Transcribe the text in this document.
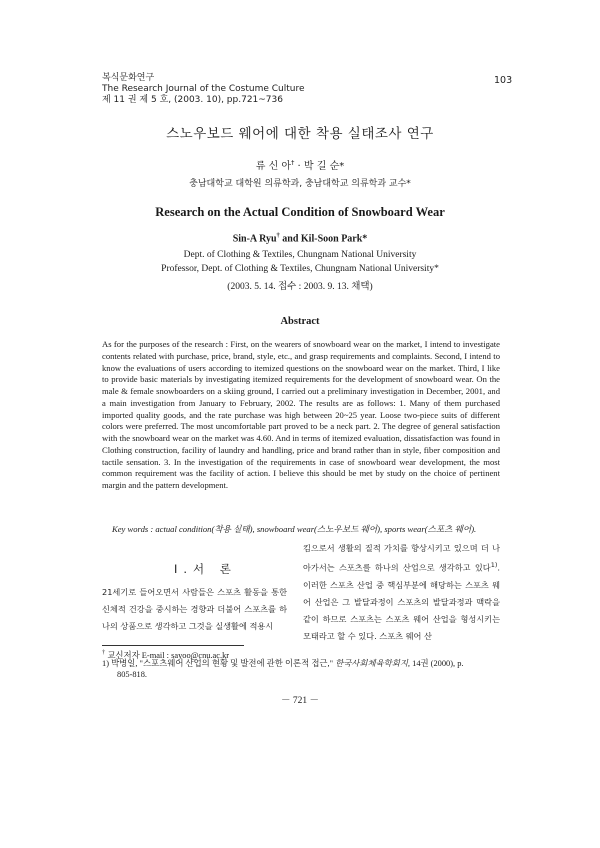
복식문화연구
The Research Journal of the Costume Culture
제 11 권 제 5 호, (2003. 10), pp.721~736
103
스노우보드 웨어에 대한 착용 실태조사 연구
류 신 아† · 박 길 순*
충남대학교 대학원 의류학과, 충남대학교 의류학과 교수*
Research on the Actual Condition of Snowboard Wear
Sin-A Ryu† and Kil-Soon Park*
Dept. of Clothing & Textiles, Chungnam National University
Professor, Dept. of Clothing & Textiles, Chungnam National University*
(2003. 5. 14. 접수 : 2003. 9. 13. 채택)
Abstract
As for the purposes of the research : First, on the wearers of snowboard wear on the market, I intend to investigate contents related with purchase, price, brand, style, etc., and grasp requirements and complaints. Second, I intend to know the evaluations of users according to itemized questions on the snowboard wear on the market. Third, I like to provide basic materials by investigating itemized requirements for the development of snowboard wear. On the male & female snowboarders on a skiing ground, I carried out a preliminary investigation in December, 2001, and a main investigation from January to February, 2002. The results are as follows: 1. Many of them purchased imported quality goods, and the rate purchase was high between 20~25 year. Loose two-piece suits of different colors were preferred. The most uncomfortable part proved to be a neck part. 2. The degree of general satisfaction with the snowboard wear on the market was 4.60. And in terms of itemized evaluation, dissatisfaction was found in Clothing construction, facility of laundry and handling, price and brand rather than in style, fiber composition and tactile sensation. 3. In the investigation of the requirements in case of snowboard wear development, the most common requirement was the facility of action. I believe this should be met by study on the choice of pertinent margin and the pattern development.
Key words : actual condition(착용 실태), snowboard wear(스노우보드 웨어), sports wear(스포츠 웨어).
Ⅰ.서 론
21세기로 들어오면서 사람들은 스포츠 활동을 통한 신체적 건강을 중시하는 경향과 더불어 스포츠를 하나의 상품으로 생각하고 그것을 실생활에 적용시
킴으로서 생활의 질적 가치를 향상시키고 있으며 더 나아가서는 스포츠를 하나의 산업으로 생각하고 있다$^{1)}$. 이러한 스포츠 산업 중 핵심부분에 해당하는 스포츠 웨어 산업은 그 발달과정이 스포츠의 발달과정과 맥락을 같이 하므로 스포츠는 스포츠 웨어 산업을 형성시키는 모태라고 할 수 있다. 스포츠 웨어 산
† 교신저자 E-mail : sayoo@cnu.ac.kr
1) 박병일, "스포츠웨어 산업의 현황 및 발전에 관한 이론적 접근," 한국사회체육학회지, 14권 (2000), p.
805-818.
－ 721 －
